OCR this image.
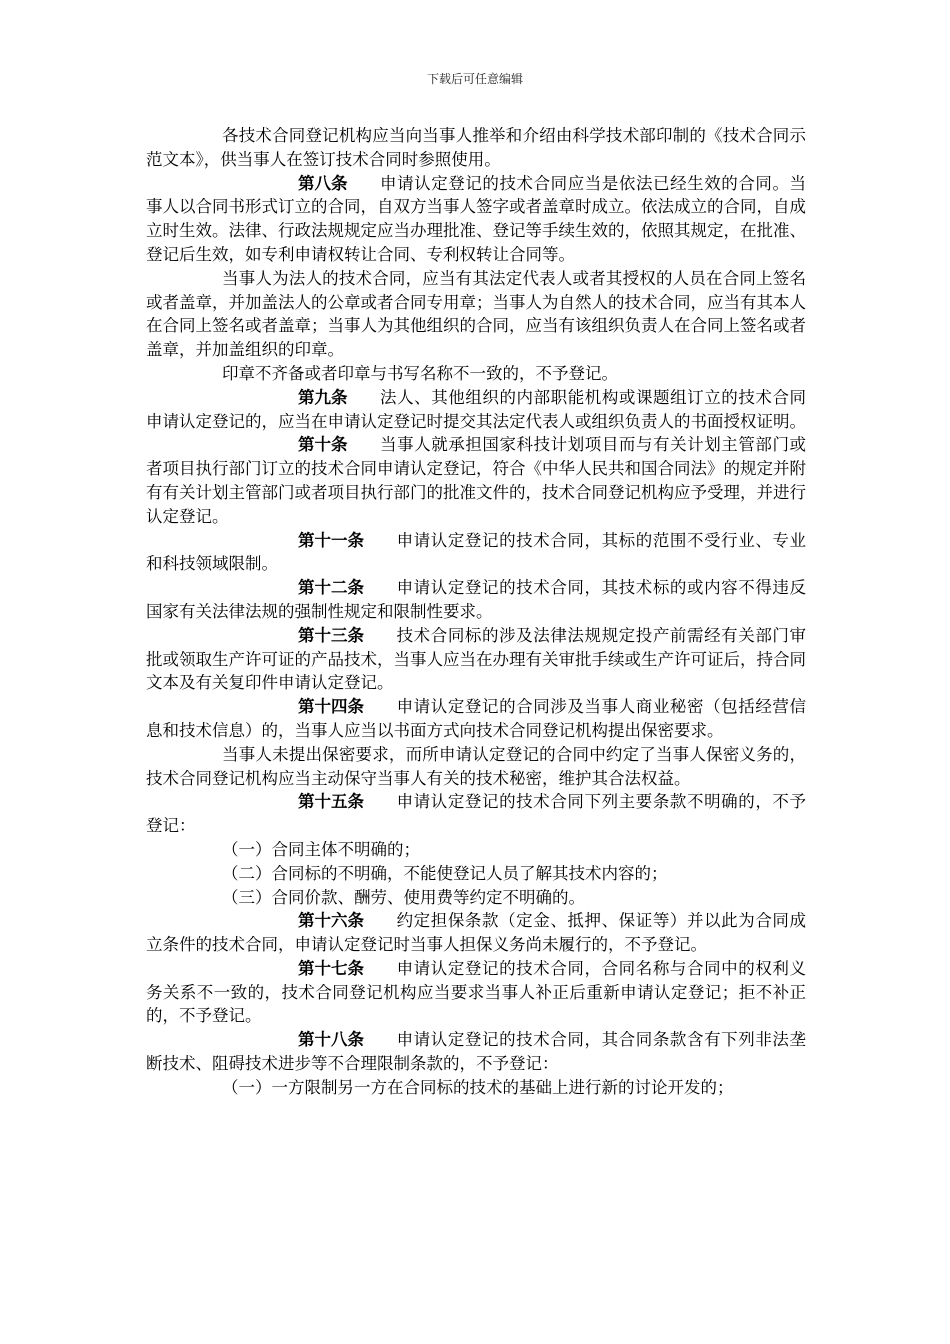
下载后可任意编辑

各技术合同登记机构应当向当事人推举和介绍由科学技术部印制的《技术合同示范文本》，供当事人在签订技术合同时参照使用。

第八条 申请认定登记的技术合同应当是依法已经生效的合同。当事人以合同书形式订立的合同，自双方当事人签字或者盖章时成立。依法成立的合同，自成立时生效。法律、行政法规规定应当办理批准、登记等手续生效的，依照其规定，在批准、登记后生效，如专利申请权转让合同、专利权转让合同等。

当事人为法人的技术合同，应当有其法定代表人或者其授权的人员在合同上签名或者盖章，并加盖法人的公章或者合同专用章；当事人为自然人的技术合同，应当有其本人在合同上签名或者盖章；当事人为其他组织的合同，应当有该组织负责人在合同上签名或者盖章，并加盖组织的印章。

印章不齐备或者印章与书写名称不一致的，不予登记。

第九条 法人、其他组织的内部职能机构或课题组订立的技术合同申请认定登记的，应当在申请认定登记时提交其法定代表人或组织负责人的书面授权证明。

第十条 当事人就承担国家科技计划项目而与有关计划主管部门或者项目执行部门订立的技术合同申请认定登记，符合《中华人民共和国合同法》的规定并附有有关计划主管部门或者项目执行部门的批准文件的，技术合同登记机构应予受理，并进行认定登记。

第十一条 申请认定登记的技术合同，其标的范围不受行业、专业和科技领域限制。

第十二条 申请认定登记的技术合同，其技术标的或内容不得违反国家有关法律法规的强制性规定和限制性要求。

第十三条 技术合同标的涉及法律法规规定投产前需经有关部门审批或领取生产许可证的产品技术，当事人应当在办理有关审批手续或生产许可证后，持合同文本及有关复印件申请认定登记。

第十四条 申请认定登记的合同涉及当事人商业秘密（包括经营信息和技术信息）的，当事人应当以书面方式向技术合同登记机构提出保密要求。

当事人未提出保密要求，而所申请认定登记的合同中约定了当事人保密义务的，技术合同登记机构应当主动保守当事人有关的技术秘密，维护其合法权益。

第十五条 申请认定登记的技术合同下列主要条款不明确的，不予登记：

（一）合同主体不明确的；

（二）合同标的不明确，不能使登记人员了解其技术内容的；

（三）合同价款、酬劳、使用费等约定不明确的。

第十六条 约定担保条款（定金、抵押、保证等）并以此为合同成立条件的技术合同，申请认定登记时当事人担保义务尚未履行的，不予登记。

第十七条 申请认定登记的技术合同，合同名称与合同中的权利义务关系不一致的，技术合同登记机构应当要求当事人补正后重新申请认定登记；拒不补正的，不予登记。

第十八条 申请认定登记的技术合同，其合同条款含有下列非法垄断技术、阻碍技术进步等不合理限制条款的，不予登记：

（一）一方限制另一方在合同标的技术的基础上进行新的讨论开发的；
